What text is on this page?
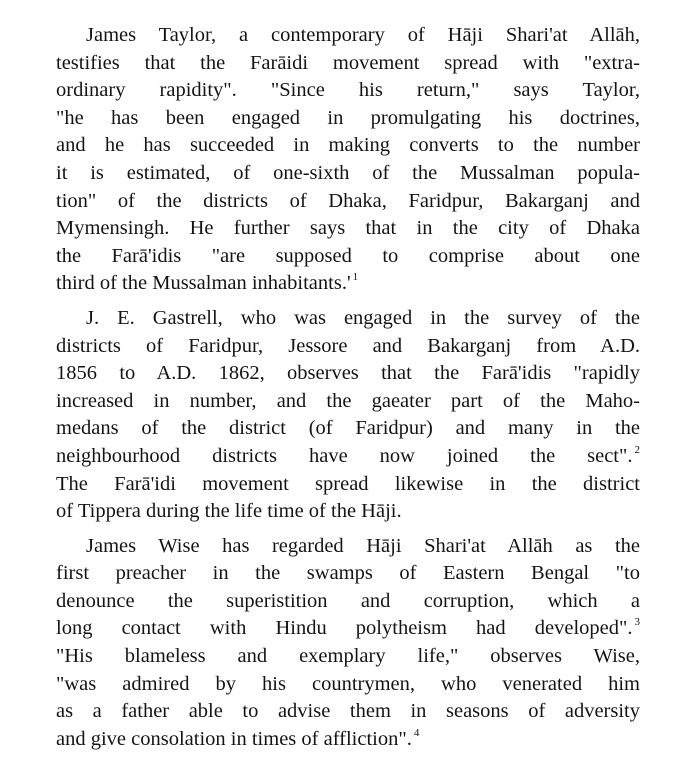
James Taylor, a contemporary of Hāji Shari'at Allāh,
testifies that the Farāidi movement spread with "extra-
ordinary rapidity". "Since his return," says Taylor,
"he has been engaged in promulgating his doctrines,
and he has succeeded in making converts to the number
it is estimated, of one-sixth of the Mussalman popula-
tion" of the districts of Dhaka, Faridpur, Bakarganj and
Mymensingh. He further says that in the city of Dhaka
the Farā'idis "are supposed to comprise about one
third of the Mussalman inhabitants.' $^1$
J. E. Gastrell, who was engaged in the survey of the
districts of Faridpur, Jessore and Bakarganj from A.D.
1856 to A.D. 1862, observes that the Farā'idis "rapidly
increased in number, and the gaeater part of the Maho-
medans of the district (of Faridpur) and many in the
neighbourhood districts have now joined the sect". $^2$
The Farā'idi movement spread likewise in the district
of Tippera during the life time of the Hāji.
James Wise has regarded Hāji Shari'at Allāh as the
first preacher in the swamps of Eastern Bengal "to
denounce the superistition and corruption, which a
long contact with Hindu polytheism had developed". $^3$
"His blameless and exemplary life," observes Wise,
"was admired by his countrymen, who venerated him
as a father able to advise them in seasons of adversity
and give consolation in times of affliction". $^4$
